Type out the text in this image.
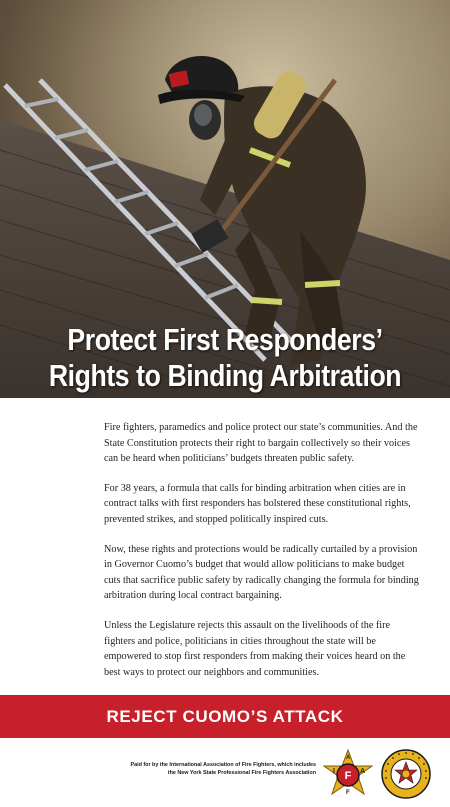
Protect First Responders’
Rights to Binding Arbitration

Fire fighters, paramedics and police protect our state’s communities. And the State Constitution protects their right to bargain collectively so their voices can be heard when politicians’ budgets threaten public safety.

For 38 years, a formula that calls for binding arbitration when cities are in contract talks with first responders has bolstered these constitutional rights, prevented strikes, and stopped politically inspired cuts.

Now, these rights and protections would be radically curtailed by a provision in Governor Cuomo’s budget that would allow politicians to make budget cuts that sacrifice public safety by radically changing the formula for binding arbitration during local contract bargaining.

Unless the Legislature rejects this assault on the livelihoods of the fire fighters and police, politicians in cities throughout the state will be empowered to stop first responders from making their voices heard on the best ways to protect our neighbors and communities.

REJECT CUOMO’S ATTACK
Paid for by the International Association of Fire Fighters, which includes
the New York State Professional Fire Fighters Association	F
I	A
A
F
